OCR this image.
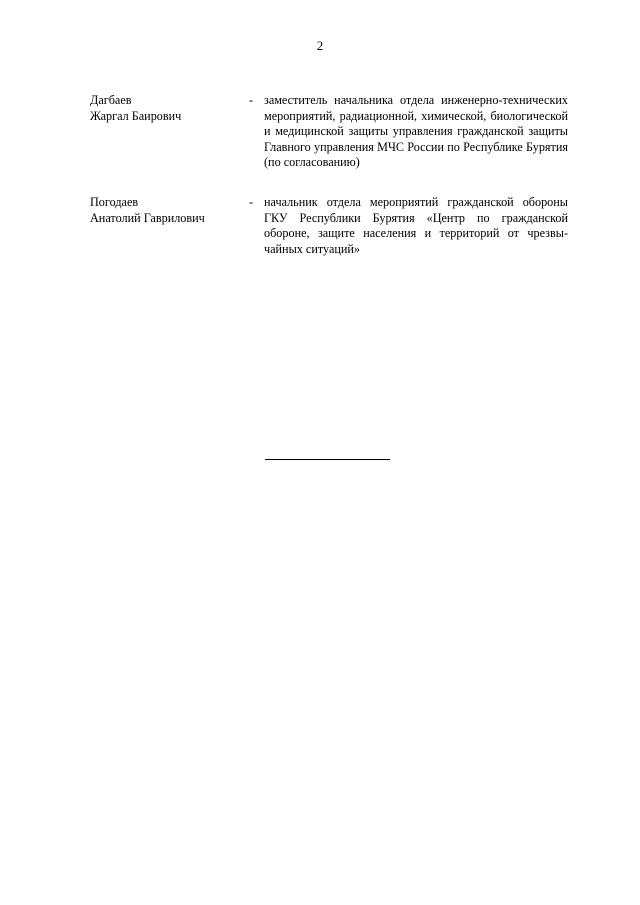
2
Дагбаев
Жаргал Баирович
- заместитель начальника отдела инженерно-технических мероприятий, радиационной, химической, биологической и медицинской защиты управления гражданской защиты Главного управления МЧС России по Республике Бурятия (по согласованию)
Погодаев
Анатолий Гаврилович
- начальник отдела мероприятий гражданской обороны ГКУ Республики Бурятия «Центр по гражданской обороне, защите населения и территорий от чрезвычайных ситуаций»
